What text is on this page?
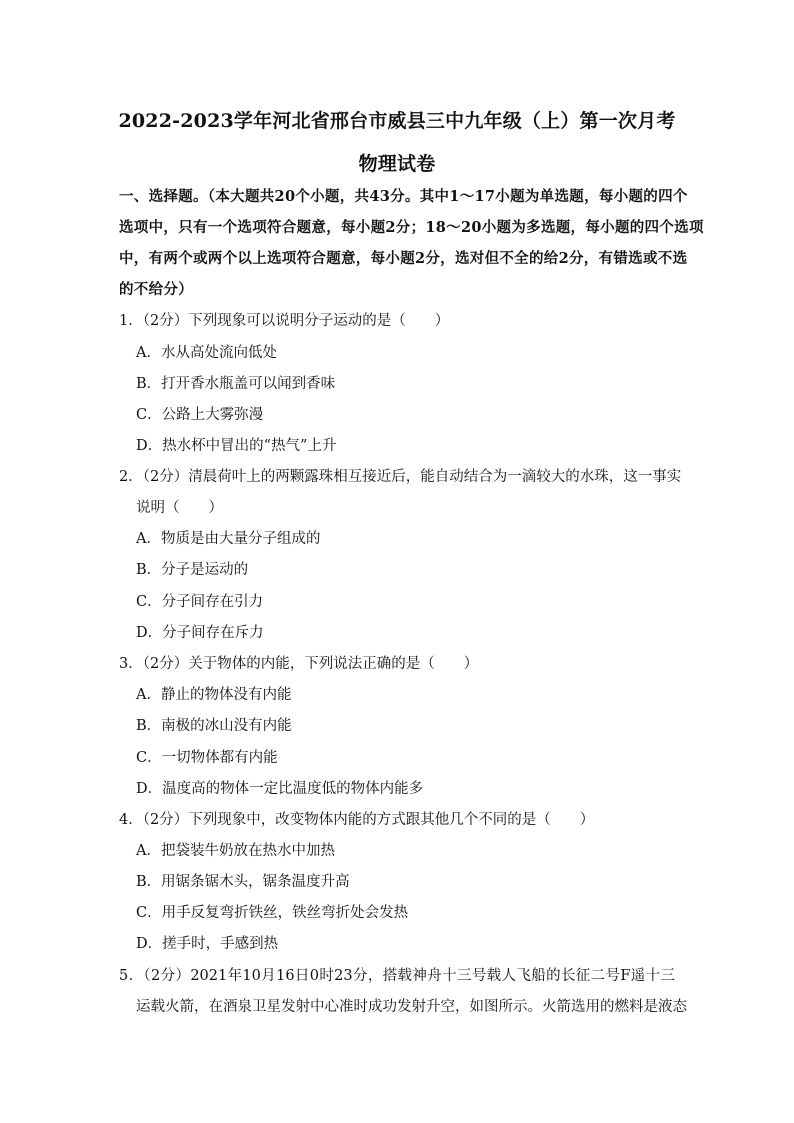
2022-2023学年河北省邢台市威县三中九年级（上）第一次月考
物理试卷
一、选择题。（本大题共20个小题，共43分。其中1～17小题为单选题，每小题的四个
选项中，只有一个选项符合题意，每小题2分；18～20小题为多选题，每小题的四个选项
中，有两个或两个以上选项符合题意，每小题2分，选对但不全的给2分，有错选或不选
的不给分）
1．（2分）下列现象可以说明分子运动的是（　　）
A．水从高处流向低处
B．打开香水瓶盖可以闻到香味
C．公路上大雾弥漫
D．热水杯中冒出的“热气”上升
2．（2分）清晨荷叶上的两颗露珠相互接近后，能自动结合为一滴较大的水珠，这一事实
说明（　　）
A．物质是由大量分子组成的
B．分子是运动的
C．分子间存在引力
D．分子间存在斥力
3．（2分）关于物体的内能，下列说法正确的是（　　）
A．静止的物体没有内能
B．南极的冰山没有内能
C．一切物体都有内能
D．温度高的物体一定比温度低的物体内能多
4．（2分）下列现象中，改变物体内能的方式跟其他几个不同的是（　　）
A．把袋装牛奶放在热水中加热
B．用锯条锯木头，锯条温度升高
C．用手反复弯折铁丝，铁丝弯折处会发热
D．搓手时，手感到热
5．（2分）2021年10月16日0时23分，搭载神舟十三号载人飞船的长征二号F遥十三
运载火箭，在酒泉卫星发射中心准时成功发射升空，如图所示。火箭选用的燃料是液态
